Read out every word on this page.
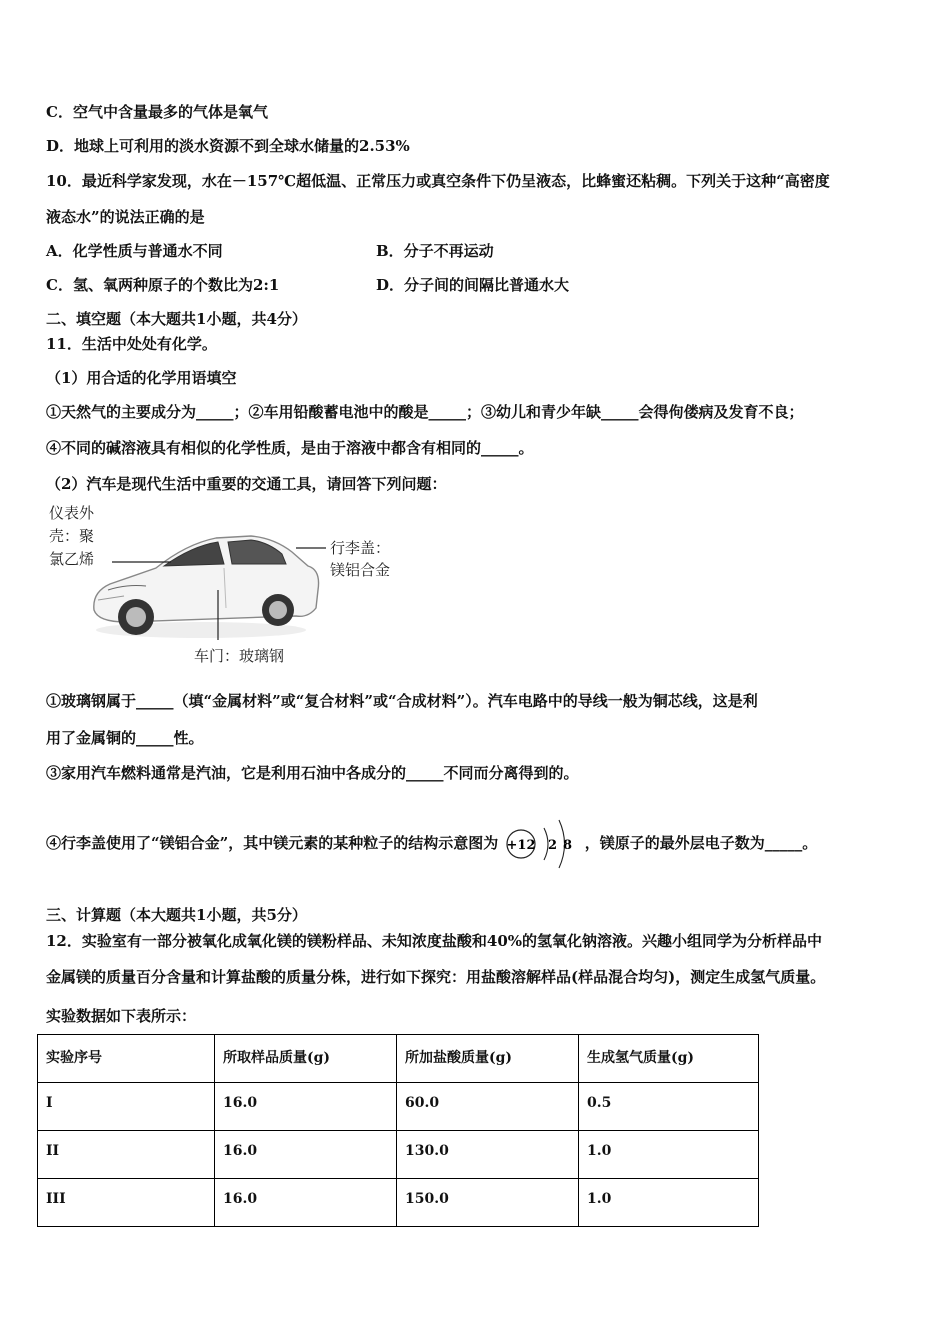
C．空气中含量最多的气体是氧气
D．地球上可利用的淡水资源不到全球水储量的2.53%
10．最近科学家发现，水在－157℃超低温、正常压力或真空条件下仍呈液态，比蜂蜜还粘稠。下列关于这种“高密度
液态水”的说法正确的是
A．化学性质与普通水不同	B．分子不再运动
C．氢、氧两种原子的个数比为2:1	D．分子间的间隔比普通水大
二、填空题（本大题共1小题，共4分）
11．生活中处处有化学。
（1）用合适的化学用语填空
①天然气的主要成分为_____；②车用铅酸蓄电池中的酸是_____；③幼儿和青少年缺_____会得佝偻病及发育不良；
④不同的碱溶液具有相似的化学性质，是由于溶液中都含有相同的_____。
（2）汽车是现代生活中重要的交通工具，请回答下列问题：
仪表外
壳：聚
氯乙烯
行李盖：
镁铝合金
车门：玻璃钢
①玻璃钢属于_____（填“金属材料”或“复合材料”或“合成材料”）。汽车电路中的导线一般为铜芯线，这是利
用了金属铜的_____性。
③家用汽车燃料通常是汽油，它是利用石油中各成分的_____不同而分离得到的。
④行李盖使用了“镁铝合金”，其中镁元素的某种粒子的结构示意图为 +12 2 8 ，镁原子的最外层电子数为_____。
三、计算题（本大题共1小题，共5分）
12．实验室有一部分被氧化成氧化镁的镁粉样品、未知浓度盐酸和40%的氢氧化钠溶液。兴趣小组同学为分析样品中
金属镁的质量百分含量和计算盐酸的质量分株，进行如下探究：用盐酸溶解样品(样品混合均匀)，测定生成氢气质量。
实验数据如下表所示：
实验序号	所取样品质量(g)	所加盐酸质量(g)	生成氢气质量(g)
I	16.0	60.0	0.5
II	16.0	130.0	1.0
III	16.0	150.0	1.0
